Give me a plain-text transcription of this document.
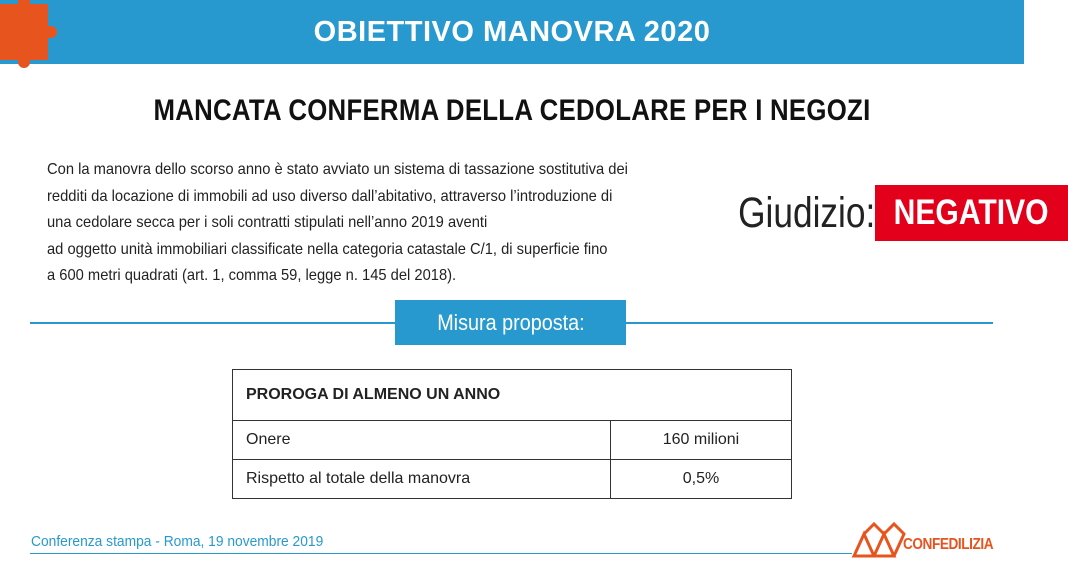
OBIETTIVO MANOVRA 2020
MANCATA CONFERMA DELLA CEDOLARE PER I NEGOZI
Con la manovra dello scorso anno è stato avviato un sistema di tassazione sostitutiva dei
redditi da locazione di immobili ad uso diverso dall’abitativo, attraverso l’introduzione di
una cedolare secca per i soli contratti stipulati nell’anno 2019 aventi
ad oggetto unità immobiliari classificate nella categoria catastale C/1, di superficie fino
a 600 metri quadrati (art. 1, comma 59, legge n. 145 del 2018).
Giudizio: NEGATIVO
Misura proposta:
PROROGA DI ALMENO UN ANNO	
Onere	160 milioni
Rispetto al totale della manovra	0,5%
Conferenza stampa - Roma, 19 novembre 2019	CONFEDILIZIA
